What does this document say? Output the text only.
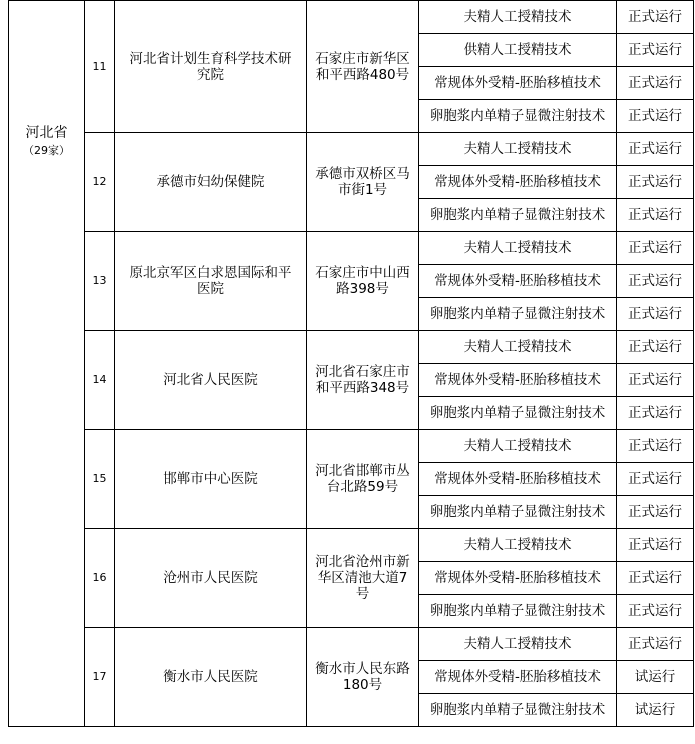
河北省
（29家）	11	河北省计划生育科学技术研究院	石家庄市新华区和平西路480号	夫精人工授精技术	正式运行
				供精人工授精技术	正式运行
				常规体外受精-胚胎移植技术	正式运行
				卵胞浆内单精子显微注射技术	正式运行
	12	承德市妇幼保健院	承德市双桥区马市街1号	夫精人工授精技术	正式运行
				常规体外受精-胚胎移植技术	正式运行
				卵胞浆内单精子显微注射技术	正式运行
	13	原北京军区白求恩国际和平医院	石家庄市中山西路398号	夫精人工授精技术	正式运行
				常规体外受精-胚胎移植技术	正式运行
				卵胞浆内单精子显微注射技术	正式运行
	14	河北省人民医院	河北省石家庄市和平西路348号	夫精人工授精技术	正式运行
				常规体外受精-胚胎移植技术	正式运行
				卵胞浆内单精子显微注射技术	正式运行
	15	邯郸市中心医院	河北省邯郸市丛台北路59号	夫精人工授精技术	正式运行
				常规体外受精-胚胎移植技术	正式运行
				卵胞浆内单精子显微注射技术	正式运行
	16	沧州市人民医院	河北省沧州市新华区清池大道7号	夫精人工授精技术	正式运行
				常规体外受精-胚胎移植技术	正式运行
				卵胞浆内单精子显微注射技术	正式运行
	17	衡水市人民医院	衡水市人民东路180号	夫精人工授精技术	正式运行
				常规体外受精-胚胎移植技术	试运行
				卵胞浆内单精子显微注射技术	试运行
